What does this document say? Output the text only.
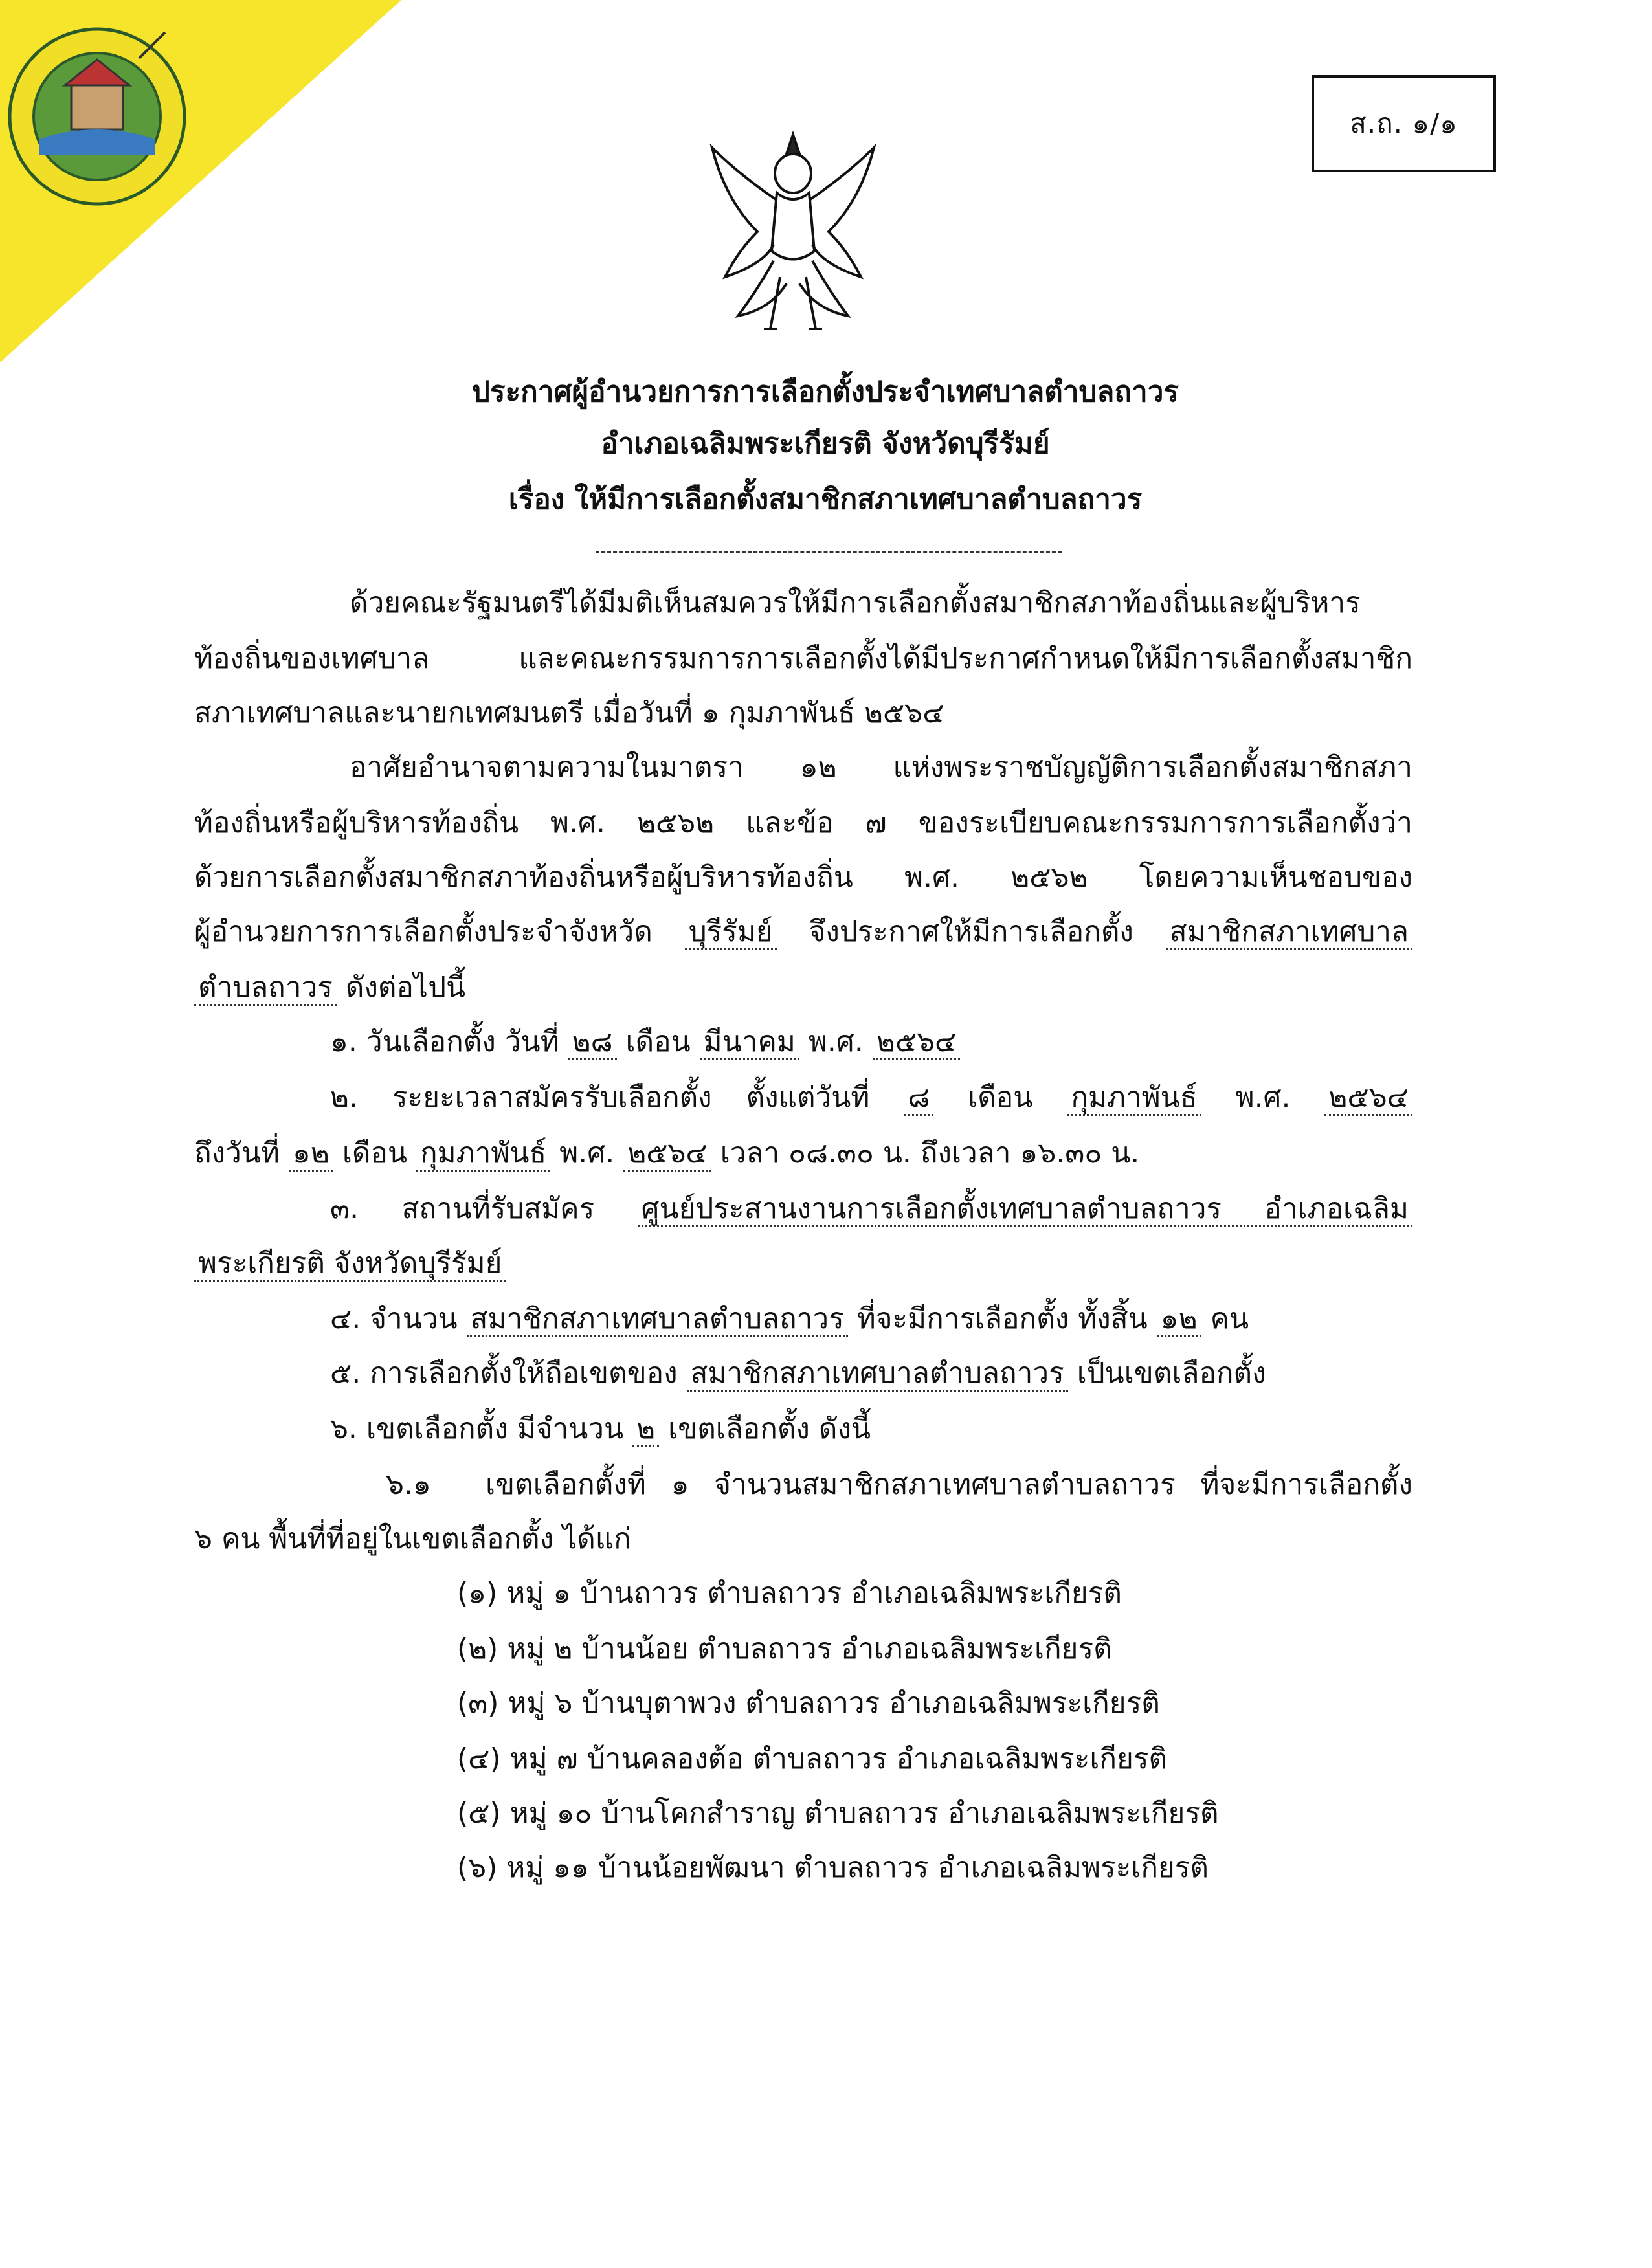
ส.ถ. ๑/๑
ประกาศผู้อำนวยการการเลือกตั้งประจำเทศบาลตำบลถาวร
อำเภอเฉลิมพระเกียรติ จังหวัดบุรีรัมย์
เรื่อง ให้มีการเลือกตั้งสมาชิกสภาเทศบาลตำบลถาวร
ด้วยคณะรัฐมนตรีได้มีมติเห็นสมควรให้มีการเลือกตั้งสมาชิกสภาท้องถิ่นและผู้บริหาร
ท้องถิ่นของเทศบาล และคณะกรรมการการเลือกตั้งได้มีประกาศกำหนดให้มีการเลือกตั้งสมาชิก
สภาเทศบาลและนายกเทศมนตรี เมื่อวันที่ ๑ กุมภาพันธ์ ๒๕๖๔
อาศัยอำนาจตามความในมาตรา ๑๒ แห่งพระราชบัญญัติการเลือกตั้งสมาชิกสภา
ท้องถิ่นหรือผู้บริหารท้องถิ่น พ.ศ. ๒๕๖๒ และข้อ ๗ ของระเบียบคณะกรรมการการเลือกตั้งว่า
ด้วยการเลือกตั้งสมาชิกสภาท้องถิ่นหรือผู้บริหารท้องถิ่น พ.ศ. ๒๕๖๒ โดยความเห็นชอบของ
ผู้อำนวยการการเลือกตั้งประจำจังหวัด บุรีรัมย์ จึงประกาศให้มีการเลือกตั้ง สมาชิกสภาเทศบาล
ตำบลถาวร ดังต่อไปนี้
๑. วันเลือกตั้ง วันที่ ๒๘ เดือน มีนาคม พ.ศ. ๒๕๖๔
๒. ระยะเวลาสมัครรับเลือกตั้ง ตั้งแต่วันที่ ๘ เดือน กุมภาพันธ์ พ.ศ. ๒๕๖๔
ถึงวันที่ ๑๒ เดือน กุมภาพันธ์ พ.ศ. ๒๕๖๔ เวลา ๐๘.๓๐ น. ถึงเวลา ๑๖.๓๐ น.
๓. สถานที่รับสมัคร ศูนย์ประสานงานการเลือกตั้งเทศบาลตำบลถาวร อำเภอเฉลิม
พระเกียรติ จังหวัดบุรีรัมย์
๔. จำนวน สมาชิกสภาเทศบาลตำบลถาวร ที่จะมีการเลือกตั้ง ทั้งสิ้น ๑๒ คน
๕. การเลือกตั้งให้ถือเขตของ สมาชิกสภาเทศบาลตำบลถาวร เป็นเขตเลือกตั้ง
๖. เขตเลือกตั้ง มีจำนวน ๒ เขตเลือกตั้ง ดังนี้
๖.๑ เขตเลือกตั้งที่ ๑ จำนวนสมาชิกสภาเทศบาลตำบลถาวร ที่จะมีการเลือกตั้ง
๖ คน พื้นที่ที่อยู่ในเขตเลือกตั้ง ได้แก่
(๑) หมู่ ๑ บ้านถาวร ตำบลถาวร อำเภอเฉลิมพระเกียรติ
(๒) หมู่ ๒ บ้านน้อย ตำบลถาวร อำเภอเฉลิมพระเกียรติ
(๓) หมู่ ๖ บ้านบุตาพวง ตำบลถาวร อำเภอเฉลิมพระเกียรติ
(๔) หมู่ ๗ บ้านคลองต้อ ตำบลถาวร อำเภอเฉลิมพระเกียรติ
(๕) หมู่ ๑๐ บ้านโคกสำราญ ตำบลถาวร อำเภอเฉลิมพระเกียรติ
(๖) หมู่ ๑๑ บ้านน้อยพัฒนา ตำบลถาวร อำเภอเฉลิมพระเกียรติ
